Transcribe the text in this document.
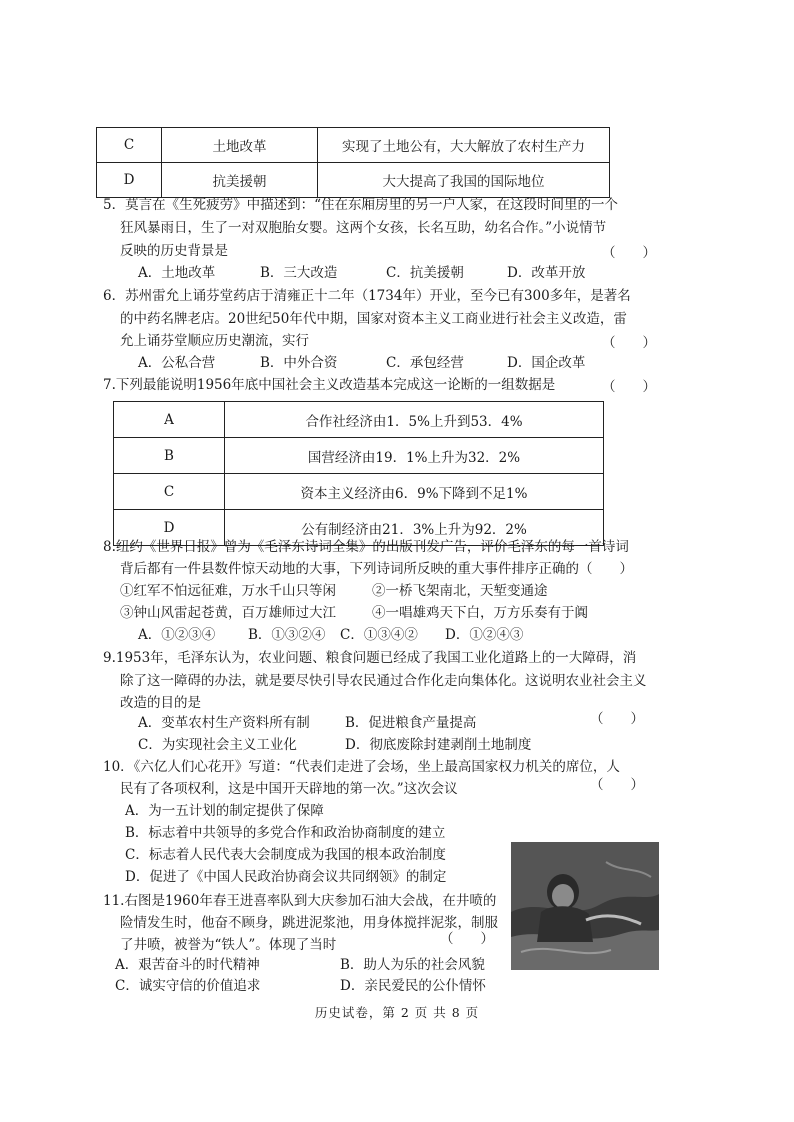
C	土地改革	实现了土地公有，大大解放了农村生产力
D	抗美援朝	大大提高了我国的国际地位
5．莫言在《生死疲劳》中描述到：“住在东厢房里的另一户人家，在这段时间里的一个
狂风暴雨日，生了一对双胞胎女婴。这两个女孩，长名互助，幼名合作。”小说情节
反映的历史背景是	（　　）
A．土地改革	B．三大改造	C．抗美援朝	D．改革开放
6．苏州雷允上诵芬堂药店于清雍正十二年（1734年）开业，至今已有300多年，是著名
的中药名牌老店。20世纪50年代中期，国家对资本主义工商业进行社会主义改造，雷
允上诵芬堂顺应历史潮流，实行	（　　）
A．公私合营	B．中外合资	C．承包经营	D．国企改革
7.下列最能说明1956年底中国社会主义改造基本完成这一论断的一组数据是	（　　）
A	合作社经济由1．5%上升到53．4%
B	国营经济由19．1%上升为32．2%
C	资本主义经济由6．9%下降到不足1%
D	公有制经济由21．3%上升为92．2%
8.纽约《世界日报》曾为《毛泽东诗词全集》的出版刊发广告，评价毛泽东的每一首诗词
背后都有一件县数件惊天动地的大事，下列诗词所反映的重大事件排序正确的（　　）
①红军不怕远征难，万水千山只等闲	②一桥飞架南北，天堑变通途
③钟山风雷起苍黄，百万雄师过大江	④一唱雄鸡天下白，万方乐奏有于阗
A．①②③④ B．①③②④ C．①③④② D．①②④③
9.1953年，毛泽东认为，农业问题、粮食问题已经成了我国工业化道路上的一大障碍，消
除了这一障碍的办法，就是要尽快引导农民通过合作化走向集体化。这说明农业社会主义
改造的目的是
（　　）
A．变革农村生产资料所有制	B．促进粮食产量提高
C．为实现社会主义工业化	D．彻底废除封建剥削土地制度
10．《六亿人们心花开》写道：“代表们走进了会场，坐上最高国家权力机关的席位，人
民有了各项权利，这是中国开天辟地的第一次。”这次会议	（　　）
A．为一五计划的制定提供了保障
B．标志着中共领导的多党合作和政治协商制度的建立
C．标志着人民代表大会制度成为我国的根本政治制度
D．促进了《中国人民政治协商会议共同纲领》的制定
11.右图是1960年春王进喜率队到大庆参加石油大会战，在井喷的
险情发生时，他奋不顾身，跳进泥浆池，用身体搅拌泥浆，制服
了井喷，被誉为“铁人”。体现了当时	（　　）
A．艰苦奋斗的时代精神	B．助人为乐的社会风貌
C．诚实守信的价值追求	D．亲民爱民的公仆情怀
历史试卷，第 2 页 共 8 页
